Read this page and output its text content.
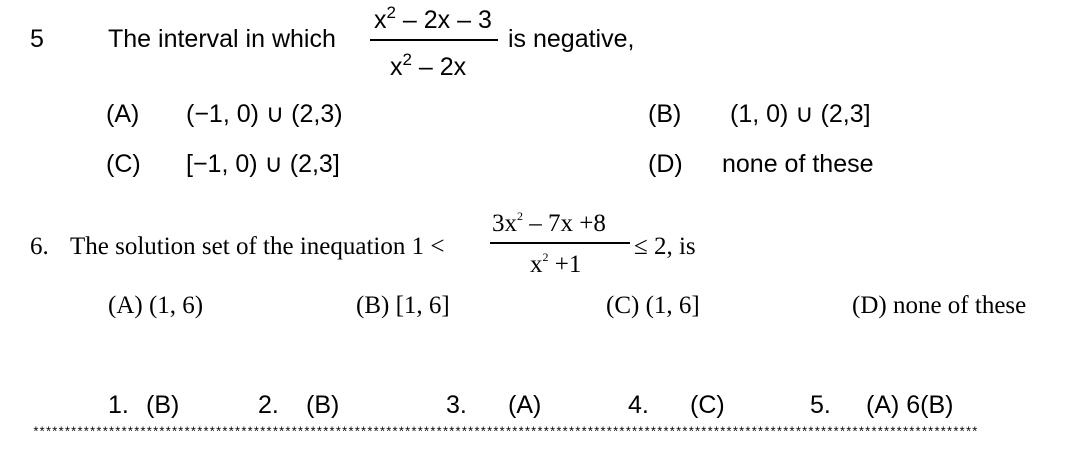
5	The interval in which
$x^2 - 2x - 3$
$x^2 - 2x$
is negative,
(A) (−1, 0) ∪ (2,3)	(B) (1, 0) ∪ (2,3]
(C) [−1, 0) ∪ (2,3]	(D) none of these
6. The solution set of the inequation 1 <
$3x^2 - 7x +8$
$x^2 +1$
≤ 2, is
(A) (1, 6)	(B) [1, 6]	(C) (1, 6]	(D) none of these
1. (B)	2. (B)	3. (A)	4. (C)	5. (A) 6(B)
******************************************************************************************************************************************************
